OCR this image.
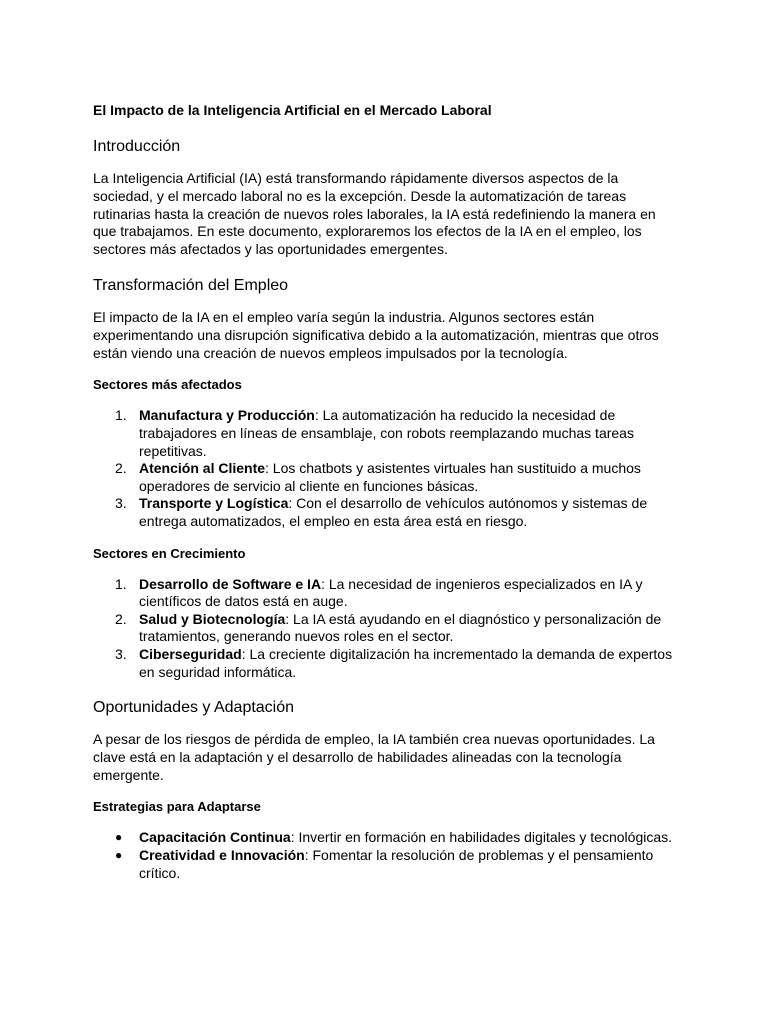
El Impacto de la Inteligencia Artificial en el Mercado Laboral
Introducción

La Inteligencia Artificial (IA) está transformando rápidamente diversos aspectos de la sociedad, y el mercado laboral no es la excepción. Desde la automatización de tareas rutinarias hasta la creación de nuevos roles laborales, la IA está redefiniendo la manera en que trabajamos. En este documento, exploraremos los efectos de la IA en el empleo, los sectores más afectados y las oportunidades emergentes.

Transformación del Empleo

El impacto de la IA en el empleo varía según la industria. Algunos sectores están experimentando una disrupción significativa debido a la automatización, mientras que otros están viendo una creación de nuevos empleos impulsados por la tecnología.

Sectores más afectados
1. Manufactura y Producción: La automatización ha reducido la necesidad de trabajadores en líneas de ensamblaje, con robots reemplazando muchas tareas repetitivas.
2. Atención al Cliente: Los chatbots y asistentes virtuales han sustituido a muchos operadores de servicio al cliente en funciones básicas.
3. Transporte y Logística: Con el desarrollo de vehículos autónomos y sistemas de entrega automatizados, el empleo en esta área está en riesgo.
Sectores en Crecimiento
1. Desarrollo de Software e IA: La necesidad de ingenieros especializados en IA y científicos de datos está en auge.
2. Salud y Biotecnología: La IA está ayudando en el diagnóstico y personalización de tratamientos, generando nuevos roles en el sector.
3. Ciberseguridad: La creciente digitalización ha incrementado la demanda de expertos en seguridad informática.
Oportunidades y Adaptación

A pesar de los riesgos de pérdida de empleo, la IA también crea nuevas oportunidades. La clave está en la adaptación y el desarrollo de habilidades alineadas con la tecnología emergente.

Estrategias para Adaptarse
● Capacitación Continua: Invertir en formación en habilidades digitales y tecnológicas.
● Creatividad e Innovación: Fomentar la resolución de problemas y el pensamiento crítico.
